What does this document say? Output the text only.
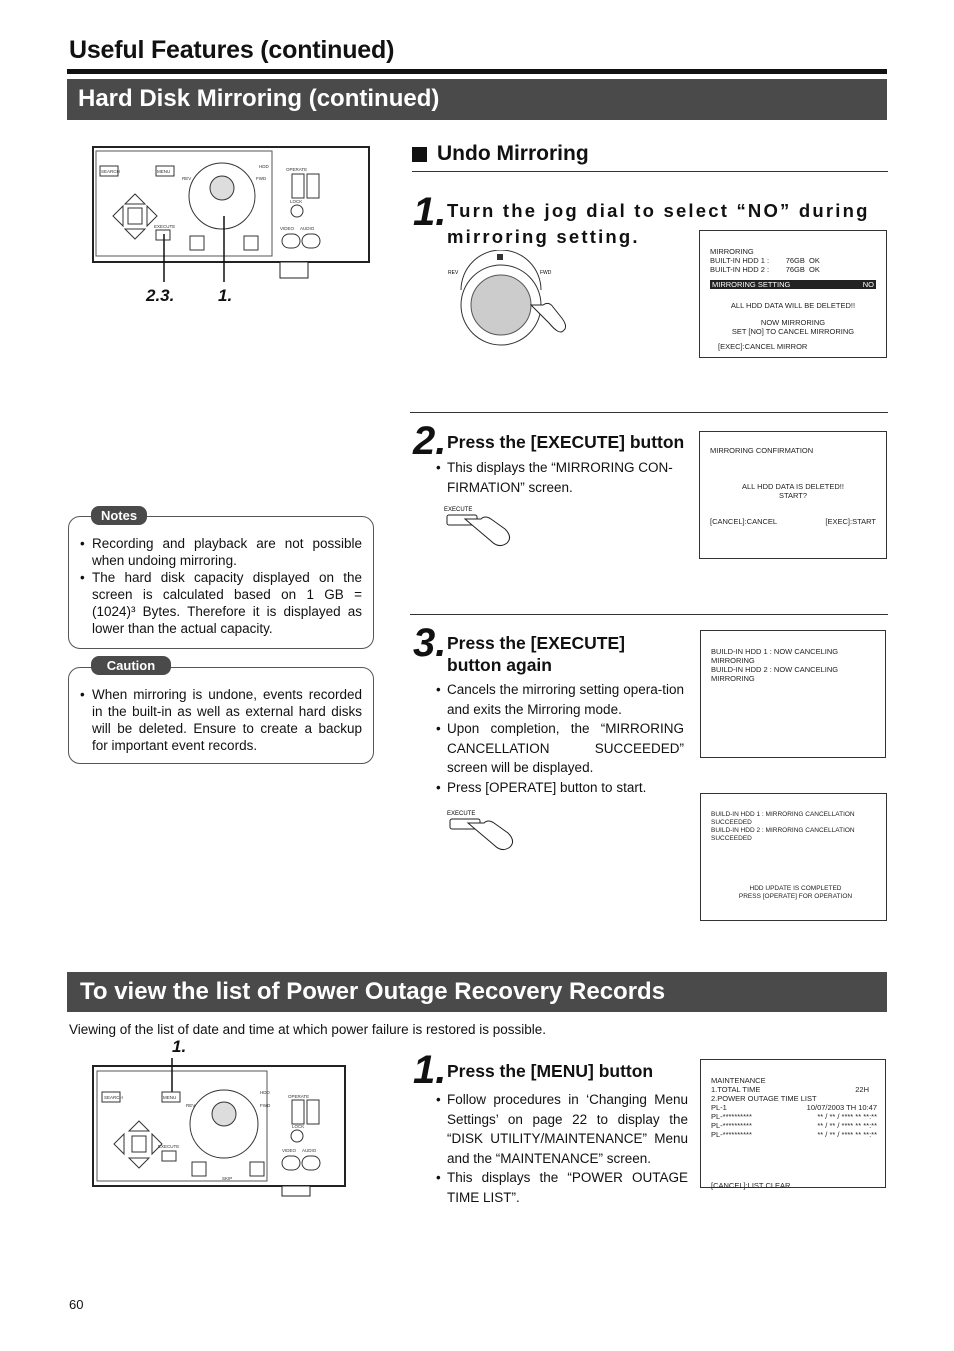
Useful Features (continued)
Hard Disk Mirroring (continued)
SEARCH	MENU
REV	FWD
HDD
OPERATE
LOCK
EXECUTE	VIDEO AUDIO
2.3.	1.
Undo Mirroring
1. Turn the jog dial to select “NO” during mirroring setting.
REV	FWD
MIRRORING
BUILT-IN HDD 1 :        76GB  OK
BUILT-IN HDD 2 :        76GB  OK
MIRRORING SETTING	NO
ALL HDD DATA WILL BE DELETED!!
NOW MIRRORING
SET [NO] TO CANCEL MIRRORING
[EXEC]:CANCEL MIRROR
2. Press the [EXECUTE] button
• This displays the “MIRRORING CON-FIRMATION” screen.
EXECUTE
MIRRORING CONFIRMATION
ALL HDD DATA IS DELETED!!
START?
[CANCEL]:CANCEL	[EXEC]:START
3. Press the [EXECUTE] button again
• Cancels the mirroring setting opera-tion and exits the Mirroring mode.
• Upon completion, the “MIRRORING CANCELLATION SUCCEEDED” screen will be displayed.
• Press [OPERATE] button to start.
BUILD-IN HDD 1 : NOW CANCELING MIRRORING
BUILD-IN HDD 2 : NOW CANCELING MIRRORING
EXECUTE	BUILD-IN HDD 1 : MIRRORING CANCELLATION SUCCEEDED
BUILD-IN HDD 2 : MIRRORING CANCELLATION SUCCEEDED
HDD UPDATE IS COMPLETED
PRESS [OPERATE] FOR OPERATION
Notes
• Recording and playback are not possible when undoing mirroring.
• The hard disk capacity displayed on the screen is calculated based on 1 GB = (1024)³ Bytes. Therefore it is displayed as lower than the actual capacity.
Caution
• When mirroring is undone, events recorded in the built-in as well as external hard disks will be deleted. Ensure to create a backup for important event records.
To view the list of Power Outage Recovery Records
Viewing of the list of date and time at which power failure is restored is possible.
1.
SEARCH	MENU
REV	FWD
HDD
OPERATE
LOCK
EXECUTE
SKIP
VIDEO AUDIO
1. Press the [MENU] button
• Follow procedures in ‘Changing Menu Settings’ on page 22 to display the “DISK UTILITY/MAINTENANCE” Menu and the “MAINTENANCE” screen.
• This displays the “POWER OUTAGE TIME LIST”.
MAINTENANCE
1.TOTAL TIME	22H
2.POWER OUTAGE TIME LIST
PL-1	10/07/2003 TH 10:47
PL-**********	** / ** / **** ** **:**
PL-**********	** / ** / **** ** **:**
PL-**********	** / ** / **** ** **:**
[CANCEL]:LIST CLEAR
60
